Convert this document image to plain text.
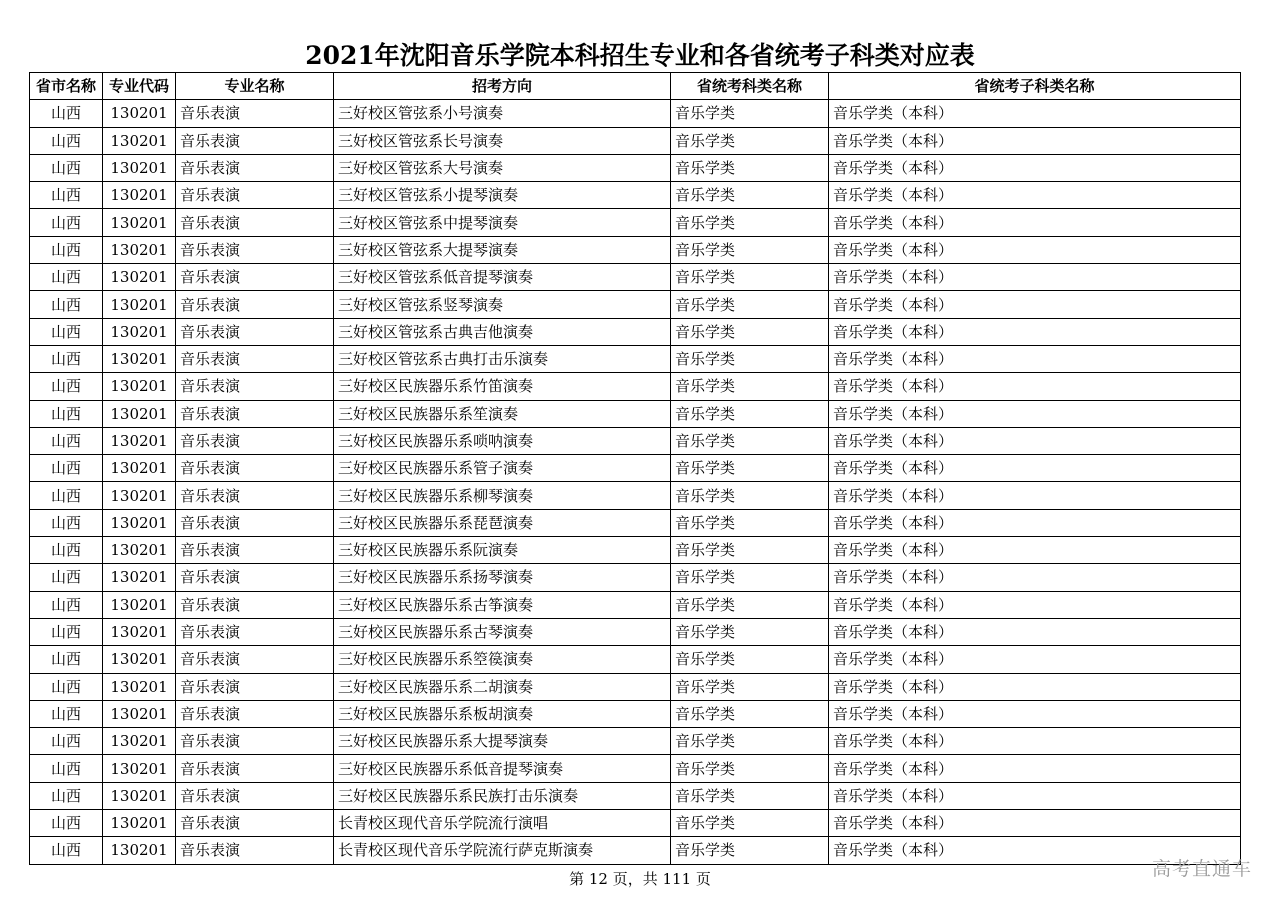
2021年沈阳音乐学院本科招生专业和各省统考子科类对应表
省市名称	专业代码	专业名称	招考方向	省统考科类名称	省统考子科类名称
山西	130201	音乐表演	三好校区管弦系小号演奏	音乐学类	音乐学类（本科）
山西	130201	音乐表演	三好校区管弦系长号演奏	音乐学类	音乐学类（本科）
山西	130201	音乐表演	三好校区管弦系大号演奏	音乐学类	音乐学类（本科）
山西	130201	音乐表演	三好校区管弦系小提琴演奏	音乐学类	音乐学类（本科）
山西	130201	音乐表演	三好校区管弦系中提琴演奏	音乐学类	音乐学类（本科）
山西	130201	音乐表演	三好校区管弦系大提琴演奏	音乐学类	音乐学类（本科）
山西	130201	音乐表演	三好校区管弦系低音提琴演奏	音乐学类	音乐学类（本科）
山西	130201	音乐表演	三好校区管弦系竖琴演奏	音乐学类	音乐学类（本科）
山西	130201	音乐表演	三好校区管弦系古典吉他演奏	音乐学类	音乐学类（本科）
山西	130201	音乐表演	三好校区管弦系古典打击乐演奏	音乐学类	音乐学类（本科）
山西	130201	音乐表演	三好校区民族器乐系竹笛演奏	音乐学类	音乐学类（本科）
山西	130201	音乐表演	三好校区民族器乐系笙演奏	音乐学类	音乐学类（本科）
山西	130201	音乐表演	三好校区民族器乐系唢呐演奏	音乐学类	音乐学类（本科）
山西	130201	音乐表演	三好校区民族器乐系管子演奏	音乐学类	音乐学类（本科）
山西	130201	音乐表演	三好校区民族器乐系柳琴演奏	音乐学类	音乐学类（本科）
山西	130201	音乐表演	三好校区民族器乐系琵琶演奏	音乐学类	音乐学类（本科）
山西	130201	音乐表演	三好校区民族器乐系阮演奏	音乐学类	音乐学类（本科）
山西	130201	音乐表演	三好校区民族器乐系扬琴演奏	音乐学类	音乐学类（本科）
山西	130201	音乐表演	三好校区民族器乐系古筝演奏	音乐学类	音乐学类（本科）
山西	130201	音乐表演	三好校区民族器乐系古琴演奏	音乐学类	音乐学类（本科）
山西	130201	音乐表演	三好校区民族器乐系箜篌演奏	音乐学类	音乐学类（本科）
山西	130201	音乐表演	三好校区民族器乐系二胡演奏	音乐学类	音乐学类（本科）
山西	130201	音乐表演	三好校区民族器乐系板胡演奏	音乐学类	音乐学类（本科）
山西	130201	音乐表演	三好校区民族器乐系大提琴演奏	音乐学类	音乐学类（本科）
山西	130201	音乐表演	三好校区民族器乐系低音提琴演奏	音乐学类	音乐学类（本科）
山西	130201	音乐表演	三好校区民族器乐系民族打击乐演奏	音乐学类	音乐学类（本科）
山西	130201	音乐表演	长青校区现代音乐学院流行演唱	音乐学类	音乐学类（本科）
山西	130201	音乐表演	长青校区现代音乐学院流行萨克斯演奏	音乐学类	音乐学类（本科）
第 12 页，共 111 页	高考直通车
